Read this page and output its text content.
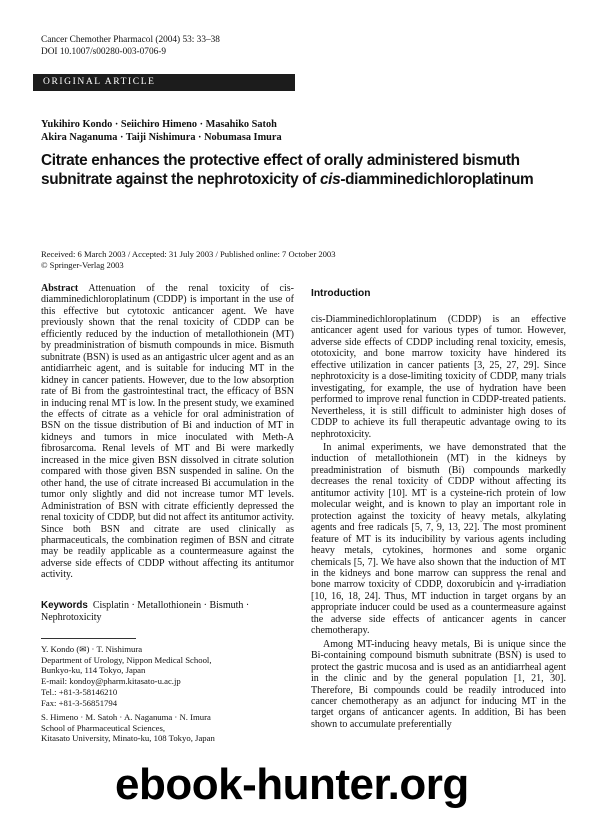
Cancer Chemother Pharmacol (2004) 53: 33–38
DOI 10.1007/s00280-003-0706-9
ORIGINAL ARTICLE
Yukihiro Kondo · Seiichiro Himeno · Masahiko Satoh
Akira Naganuma · Taiji Nishimura · Nobumasa Imura
Citrate enhances the protective effect of orally administered bismuth
subnitrate against the nephrotoxicity of cis-diamminedichloroplatinum
Received: 6 March 2003 / Accepted: 31 July 2003 / Published online: 7 October 2003
© Springer-Verlag 2003

Abstract Attenuation of the renal toxicity of cis-diamminedichloroplatinum (CDDP) is important in the use of this effective but cytotoxic anticancer agent. We have previously shown that the renal toxicity of CDDP can be efficiently reduced by the induction of metallothionein (MT) by preadministration of bismuth compounds in mice. Bismuth subnitrate (BSN) is used as an antigastric ulcer agent and as an antidiarrheic agent, and is suitable for inducing MT in the kidney in cancer patients. However, due to the low absorption rate of Bi from the gastrointestinal tract, the efficacy of BSN in inducing renal MT is low. In the present study, we examined the effects of citrate as a vehicle for oral administration of BSN on the tissue distribution of Bi and induction of MT in kidneys and tumors in mice inoculated with Meth-A fibrosarcoma. Renal levels of MT and Bi were markedly increased in the mice given BSN dissolved in citrate solution compared with those given BSN suspended in saline. On the other hand, the use of citrate increased Bi accumulation in the tumor only slightly and did not increase tumor MT levels. Administration of BSN with citrate efficiently depressed the renal toxicity of CDDP, but did not affect its antitumor activity. Since both BSN and citrate are used clinically as pharmaceuticals, the combination regimen of BSN and citrate may be readily applicable as a countermeasure against the adverse side effects of CDDP without affecting its antitumor activity.

Keywords Cisplatin · Metallothionein · Bismuth · Nephrotoxicity
Y. Kondo (✉) · T. Nishimura
Department of Urology, Nippon Medical School,
Bunkyo-ku, 114 Tokyo, Japan
E-mail: kondoy@pharm.kitasato-u.ac.jp
Tel.: +81-3-58146210
Fax: +81-3-56851794
S. Himeno · M. Satoh · A. Naganuma · N. Imura
School of Pharmaceutical Sciences,
Kitasato University, Minato-ku, 108 Tokyo, Japan
Introduction

cis-Diamminedichloroplatinum (CDDP) is an effective anticancer agent used for various types of tumor. However, adverse side effects of CDDP including renal toxicity, emesis, ototoxicity, and bone marrow toxicity have hindered its effective utilization in cancer patients [3, 25, 27, 29]. Since nephrotoxicity is a dose-limiting toxicity of CDDP, many trials investigating, for example, the use of hydration have been performed to improve renal function in CDDP-treated patients. Nevertheless, it is still difficult to administer high doses of CDDP to achieve its full therapeutic advantage owing to its nephrotoxicity.

In animal experiments, we have demonstrated that the induction of metallothionein (MT) in the kidneys by preadministration of bismuth (Bi) compounds markedly decreases the renal toxicity of CDDP without affecting its antitumor activity [10]. MT is a cysteine-rich protein of low molecular weight, and is known to play an important role in protection against the toxicity of heavy metals, alkylating agents and free radicals [5, 7, 9, 13, 22]. The most prominent feature of MT is its inducibility by various agents including heavy metals, cytokines, hormones and some organic chemicals [5, 7]. We have also shown that the induction of MT in the kidneys and bone marrow can suppress the renal and bone marrow toxicity of CDDP, doxorubicin and γ-irradiation [10, 16, 18, 24]. Thus, MT induction in target organs by an appropriate inducer could be used as a countermeasure against the adverse side effects of anticancer agents in cancer chemotherapy.

Among MT-inducing heavy metals, Bi is unique since the Bi-containing compound bismuth subnitrate (BSN) is used to protect the gastric mucosa and is used as an antidiarrheal agent in the clinic and by the general population [1, 21, 30]. Therefore, Bi compounds could be readily introduced into cancer chemotherapy as an adjunct for inducing MT in the target organs of anticancer agents. In addition, Bi has been shown to accumulate preferentially

ebook-hunter.org
